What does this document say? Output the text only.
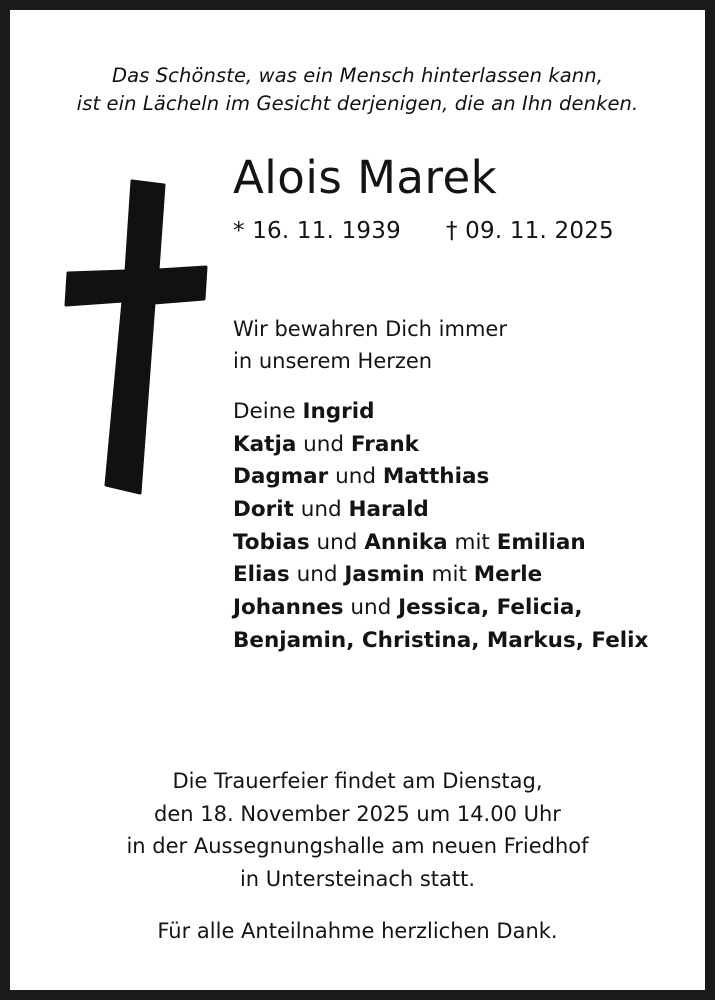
Das Schönste, was ein Mensch hinterlassen kann,
ist ein Lächeln im Gesicht derjenigen, die an Ihn denken.
Alois Marek
* 16. 11. 1939 † 09. 11. 2025
Wir bewahren Dich immer
in unserem Herzen
Deine Ingrid
Katja und Frank
Dagmar und Matthias
Dorit und Harald
Tobias und Annika mit Emilian
Elias und Jasmin mit Merle
Johannes und Jessica, Felicia,
Benjamin, Christina, Markus, Felix
Die Trauerfeier findet am Dienstag,
den 18. November 2025 um 14.00 Uhr
in der Aussegnungshalle am neuen Friedhof
in Untersteinach statt.
Für alle Anteilnahme herzlichen Dank.
